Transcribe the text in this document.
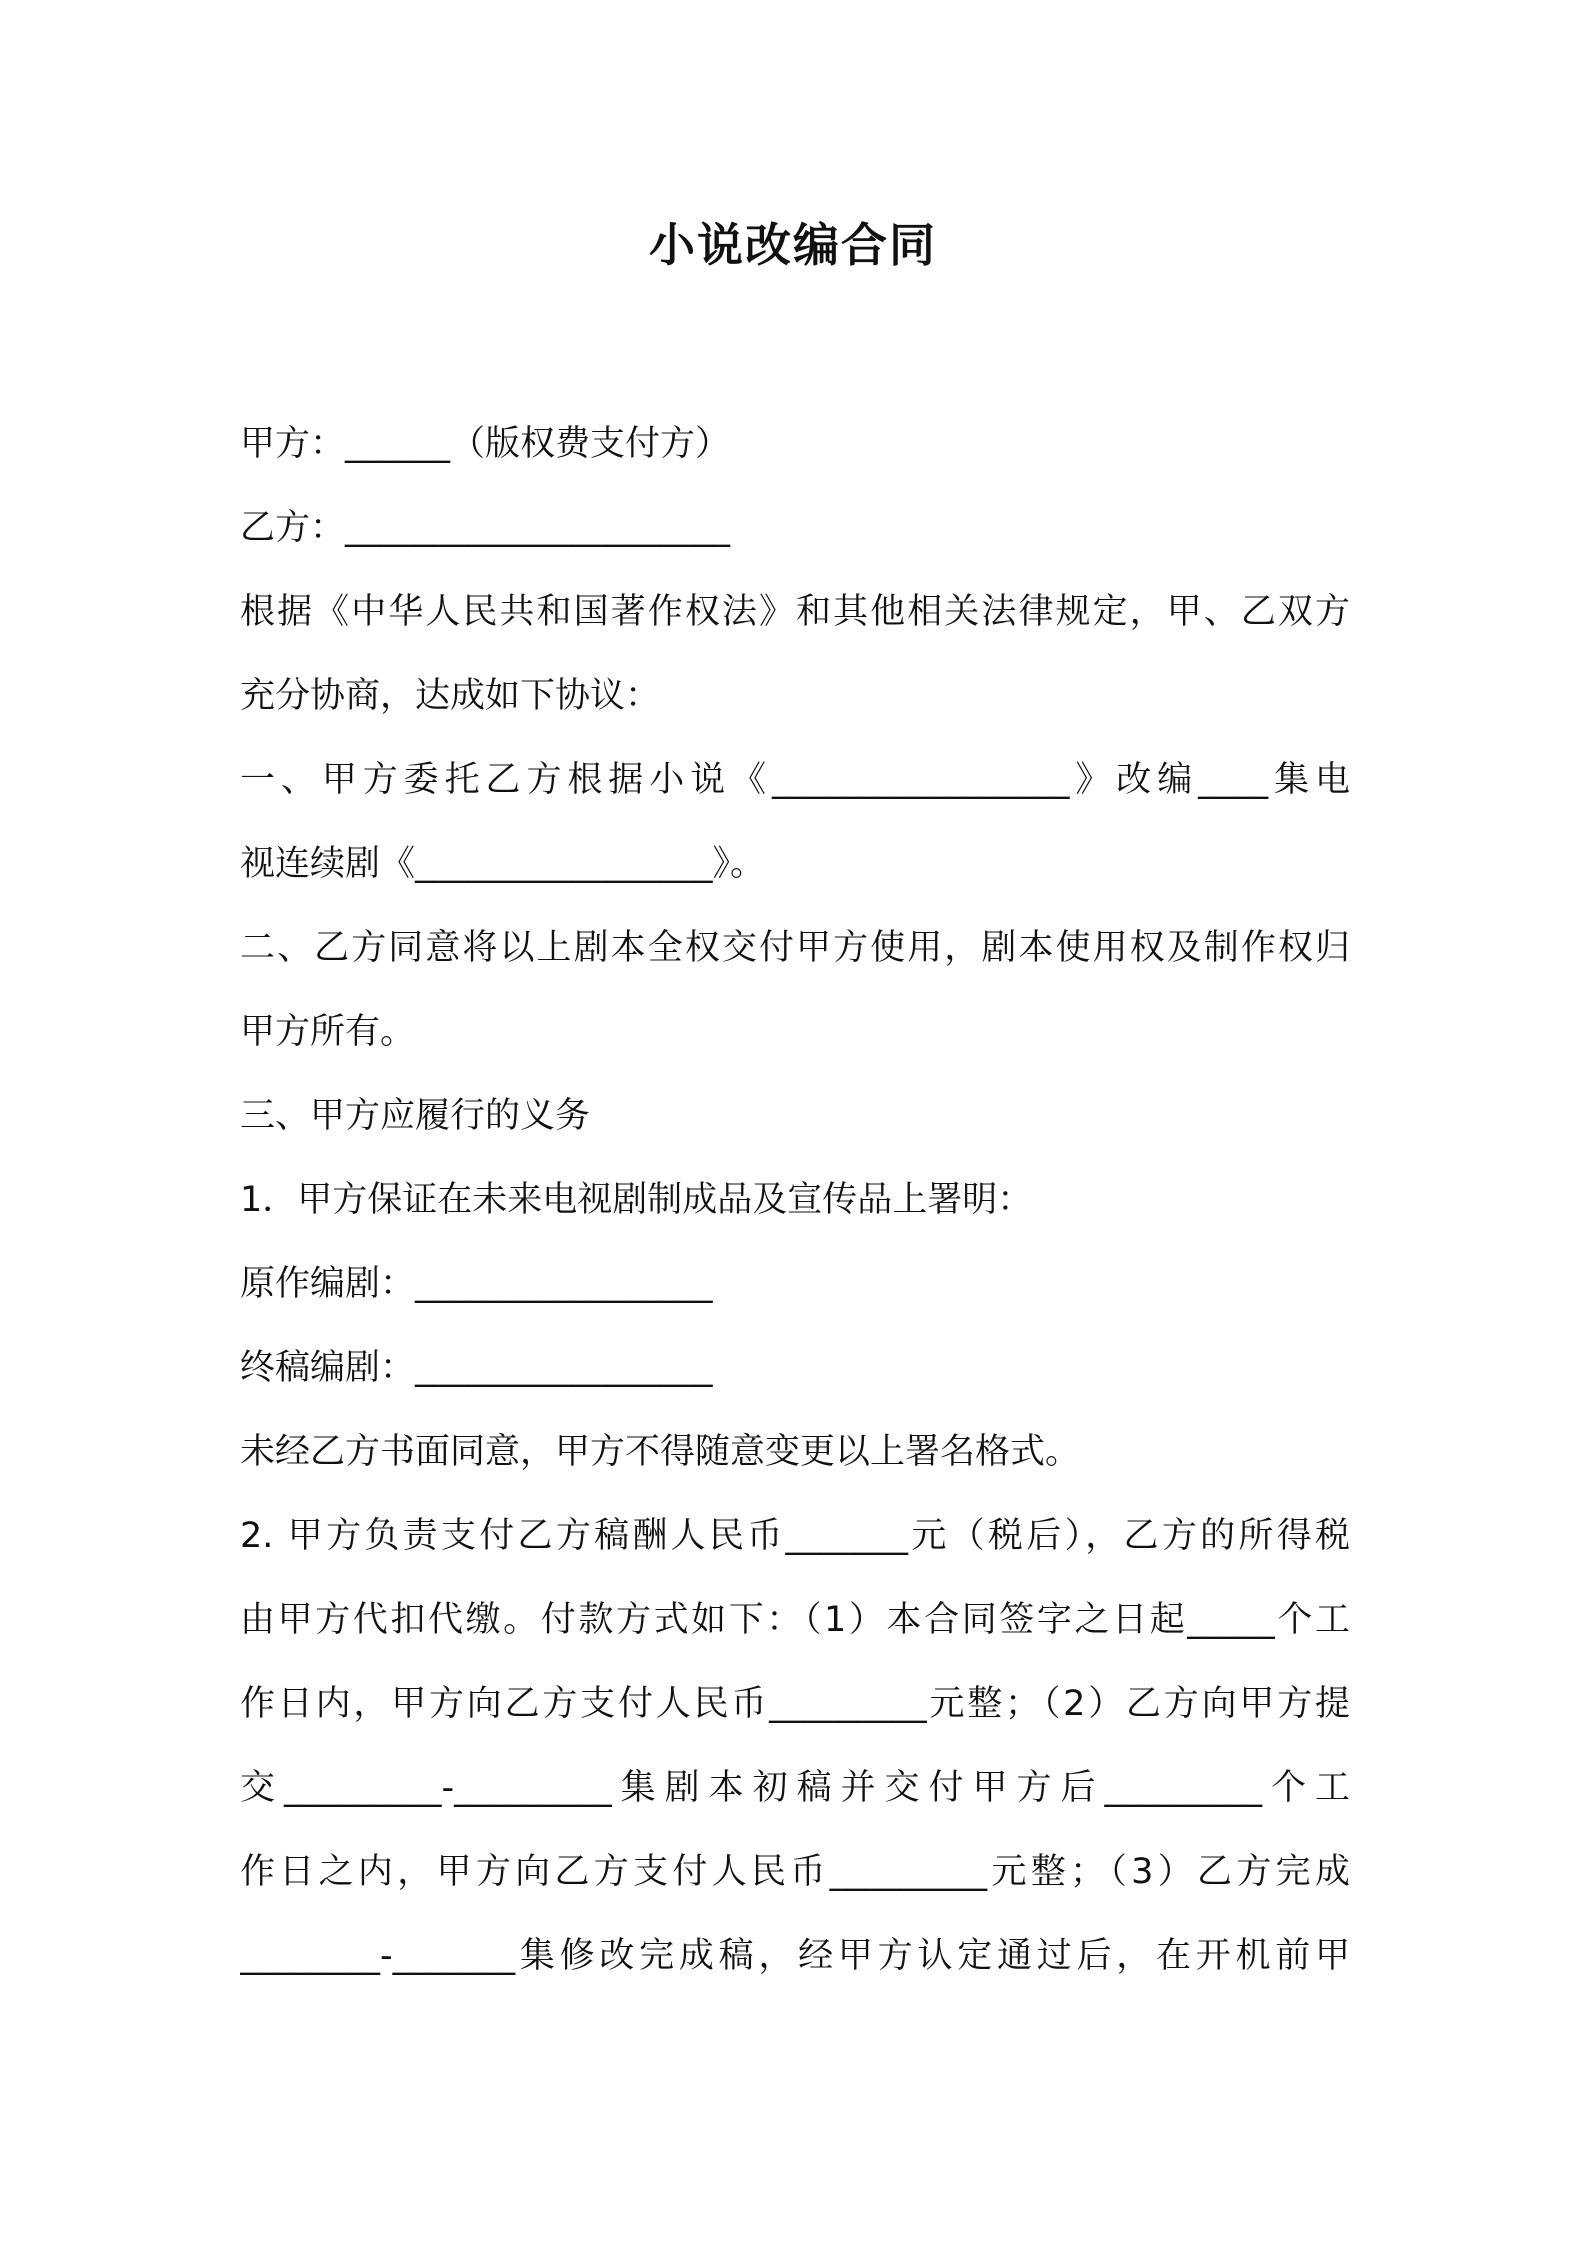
小说改编合同
甲方：______（版权费支付方）
乙方：______________________
根据《中华人民共和国著作权法》和其他相关法律规定，甲、乙双方
充分协商，达成如下协议：
一、甲方委托乙方根据小说《_________________》改编____集电
视连续剧《_________________》。
二、乙方同意将以上剧本全权交付甲方使用，剧本使用权及制作权归
甲方所有。
三、甲方应履行的义务
1．甲方保证在未来电视剧制成品及宣传品上署明：
原作编剧：_________________
终稿编剧：_________________
未经乙方书面同意，甲方不得随意变更以上署名格式。
2. 甲方负责支付乙方稿酬人民币_______元（税后），乙方的所得税
由甲方代扣代缴。付款方式如下：（1）本合同签字之日起_____个工
作日内，甲方向乙方支付人民币_________元整；（2）乙方向甲方提
交_________-_________集剧本初稿并交付甲方后_________个工
作日之内，甲方向乙方支付人民币_________元整；（3）乙方完成
________-_______集修改完成稿，经甲方认定通过后，在开机前甲
